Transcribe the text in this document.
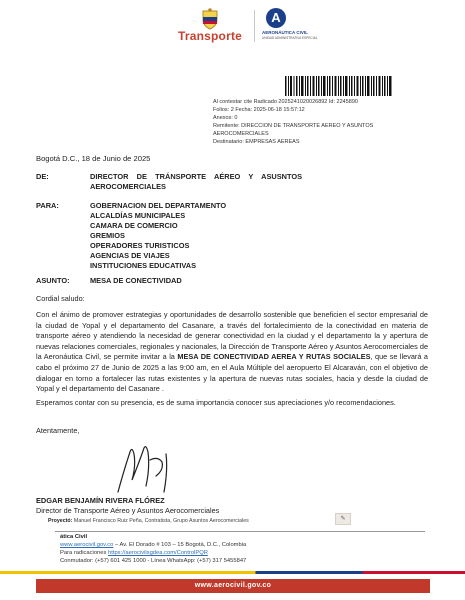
Transporte
A
AERONÁUTICA CIVIL
UNIDAD ADMINISTRATIVA ESPECIAL
Al contestar cite Radicado 20252410200268​92 Id: 2245890
Folios: 2 Fecha: 2025-06-18 15:57:12
Anexos: 0
Remitente: DIRECCION DE TRANSPORTE AEREO Y ASUNTOS
AEROCOMERCIALES
Destinatario: EMPRESAS AEREAS
Bogotá D.C., 18 de Junio de 2025
DE:	DIRECTOR    DE    TRÁNSPORTE    AÉREO    Y    ASUSNTOS
AEROCOMERCIALES
PARA:	GOBERNACION DEL DEPARTAMENTO
ALCALDÍAS MUNICIPALES
CAMARA DE COMERCIO
GREMIOS
OPERADORES TURISTICOS
AGENCIAS DE VIAJES
INSTITUCIONES EDUCATIVAS
ASUNTO:	MESA DE CONECTIVIDAD
Cordial saludo:

Con el ánimo de promover estrategias y oportunidades de desarrollo sostenible que beneficien el sector empresarial de la ciudad de Yopal y el departamento del Casanare, a través del fortalecimiento de la conectividad en materia de transporte aéreo y atendiendo la necesidad de generar conectividad en la ciudad y el departamento la y apertura de nuevas relaciones comerciales, regionales y nacionales, la Dirección de Transporte Aéreo y Asuntos Aerocomerciales de la Aeronáutica Civil, se permite invitar a la MESA DE CONECTIVIDAD AEREA Y RUTAS SOCIALES, que se llevará a cabo el próximo 27 de Junio de 2025 a las 9:00 am, en el Aula Múltiple del aeropuerto El Alcaraván, con el objetivo de dialogar en torno a fortalecer las rutas existentes y la apertura de nuevas rutas sociales, hacia y desde la ciudad de Yopal y el departamento del Casanare .

Esperamos contar con su presencia, es de suma importancia conocer sus apreciaciones y/o recomendaciones.

Atentamente,
EDGAR BENJAMÍN RIVERA FLÓREZ
Director de Transporte Aéreo y Asuntos Aerocomerciales
Proyectó: Manuel Francisco Ruiz Peña, Contratista, Grupo Asuntos Aerocomerciales	✎
ática Civil
www.aerocivil.gov.co – Av. El Dorado # 103 – 15 Bogotá, D.C., Colombia
Para radicaciones https://aerocivilsgdea.com/ControlPQR
Conmutador: (+57) 601 425 1000 - Línea WhatsApp: (+57) 317 5455847
www.aerocivil.gov.co
